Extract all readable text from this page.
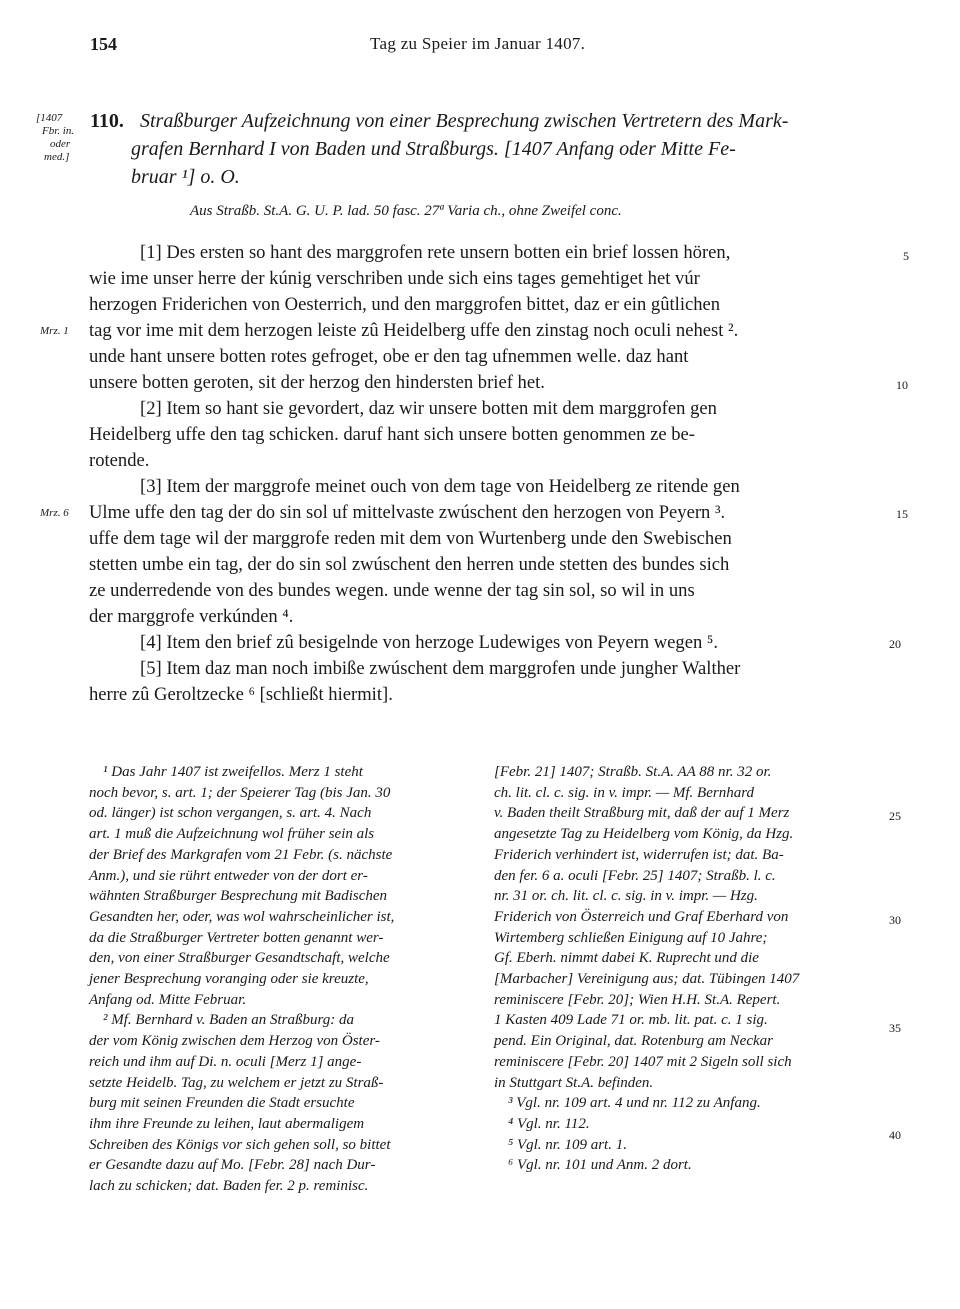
154	Tag zu Speier im Januar 1407.
[1407
Fbr. in.
oder
med.]
110. Straßburger Aufzeichnung von einer Besprechung zwischen Vertretern des Mark-
grafen Bernhard I von Baden und Straßburgs. [1407 Anfang oder Mitte Fe-
bruar ¹] o. O.
Aus Straßb. St.A. G. U. P. lad. 50 fasc. 27ª Varia ch., ohne Zweifel conc.
[1] Des ersten so hant des marggrofen rete unsern botten ein brief lossen hören,
wie ime unser herre der kúnig verschriben unde sich eins tages gemehtiget het vúr
herzogen Friderichen von Oesterrich, und den marggrofen bittet, daz er ein gûtlichen
tag vor ime mit dem herzogen leiste zû Heidelberg uffe den zinstag noch oculi nehest ².
unde hant unsere botten rotes gefroget, obe er den tag ufnemmen welle. daz hant
unsere botten geroten, sit der herzog den hindersten brief het.
[2] Item so hant sie gevordert, daz wir unsere botten mit dem marggrofen gen
Heidelberg uffe den tag schicken. daruf hant sich unsere botten genommen ze be-
rotende.
[3] Item der marggrofe meinet ouch von dem tage von Heidelberg ze ritende gen
Ulme uffe den tag der do sin sol uf mittelvaste zwúschent den herzogen von Peyern ³.
uffe dem tage wil der marggrofe reden mit dem von Wurtenberg unde den Swebischen
stetten umbe ein tag, der do sin sol zwúschent den herren unde stetten des bundes sich
ze underredende von des bundes wegen. unde wenne der tag sin sol, so wil in uns
der marggrofe verkúnden ⁴.
[4] Item den brief zû besigelnde von herzoge Ludewiges von Peyern wegen ⁵.
[5] Item daz man noch imbiße zwúschent dem marggrofen unde jungher Walther
herre zû Geroltzecke ⁶ [schließt hiermit].
Mrz. 1
Mrz. 6
5
10
15
20
25
30
35
40
¹ Das Jahr 1407 ist zweifellos. Merz 1 steht
noch bevor, s. art. 1; der Speierer Tag (bis Jan. 30
od. länger) ist schon vergangen, s. art. 4. Nach
art. 1 muß die Aufzeichnung wol früher sein als
der Brief des Markgrafen vom 21 Febr. (s. nächste
Anm.), und sie rührt entweder von der dort er-
wähnten Straßburger Besprechung mit Badischen
Gesandten her, oder, was wol wahrscheinlicher ist,
da die Straßburger Vertreter botten genannt wer-
den, von einer Straßburger Gesandtschaft, welche
jener Besprechung voranging oder sie kreuzte,
Anfang od. Mitte Februar.
² Mf. Bernhard v. Baden an Straßburg: da
der vom König zwischen dem Herzog von Öster-
reich und ihm auf Di. n. oculi [Merz 1] ange-
setzte Heidelb. Tag, zu welchem er jetzt zu Straß-
burg mit seinen Freunden die Stadt ersuchte
ihm ihre Freunde zu leihen, laut abermaligem
Schreiben des Königs vor sich gehen soll, so bittet
er Gesandte dazu auf Mo. [Febr. 28] nach Dur-
lach zu schicken; dat. Baden fer. 2 p. reminisc.
[Febr. 21] 1407; Straßb. St.A. AA 88 nr. 32 or.
ch. lit. cl. c. sig. in v. impr. — Mf. Bernhard
v. Baden theilt Straßburg mit, daß der auf 1 Merz
angesetzte Tag zu Heidelberg vom König, da Hzg.
Friderich verhindert ist, widerrufen ist; dat. Ba-
den fer. 6 a. oculi [Febr. 25] 1407; Straßb. l. c.
nr. 31 or. ch. lit. cl. c. sig. in v. impr. — Hzg.
Friderich von Österreich und Graf Eberhard von
Wirtemberg schließen Einigung auf 10 Jahre;
Gf. Eberh. nimmt dabei K. Ruprecht und die
[Marbacher] Vereinigung aus; dat. Tübingen 1407
reminiscere [Febr. 20]; Wien H.H. St.A. Repert.
1 Kasten 409 Lade 71 or. mb. lit. pat. c. 1 sig.
pend. Ein Original, dat. Rotenburg am Neckar
reminiscere [Febr. 20] 1407 mit 2 Sigeln soll sich
in Stuttgart St.A. befinden.
³ Vgl. nr. 109 art. 4 und nr. 112 zu Anfang.
⁴ Vgl. nr. 112.
⁵ Vgl. nr. 109 art. 1.
⁶ Vgl. nr. 101 und Anm. 2 dort.
